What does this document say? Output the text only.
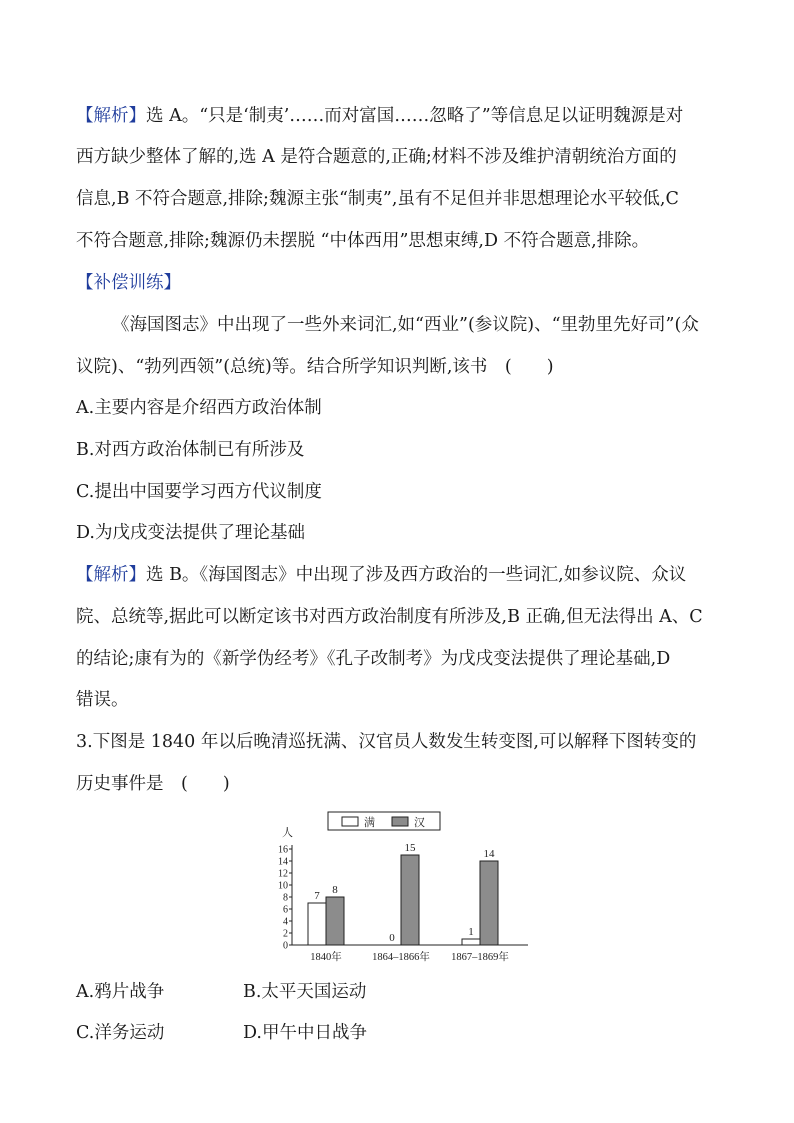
【解析】选 A。“只是‘制夷’……而对富国……忽略了”等信息足以证明魏源是对

西方缺少整体了解的,选 A 是符合题意的,正确;材料不涉及维护清朝统治方面的

信息,B 不符合题意,排除;魏源主张“制夷”,虽有不足但并非思想理论水平较低,C

不符合题意,排除;魏源仍未摆脱 “中体西用”思想束缚,D 不符合题意,排除。

【补偿训练】

《海国图志》中出现了一些外来词汇,如“西业”(参议院)、“里勃里先好司”(众

议院)、“勃列西领”(总统)等。结合所学知识判断,该书　(　　)

A.主要内容是介绍西方政治体制

B.对西方政治体制已有所涉及

C.提出中国要学习西方代议制度

D.为戊戌变法提供了理论基础

【解析】选 B。《海国图志》中出现了涉及西方政治的一些词汇,如参议院、众议

院、总统等,据此可以断定该书对西方政治制度有所涉及,B 正确,但无法得出 A、C

的结论;康有为的《新学伪经考》《孔子改制考》为戊戌变法提供了理论基础,D

错误。

3.下图是 1840 年以后晚清巡抚满、汉官员人数发生转变图,可以解释下图转变的

历史事件是　(　　)

人
0
2
4
6
8
10
12
14
16
7 8
1840年
0
15
1864–1866年
1
14
1867–1869年
满	汉

A.鸦片战争	B.太平天国运动

C.洋务运动	D.甲午中日战争
